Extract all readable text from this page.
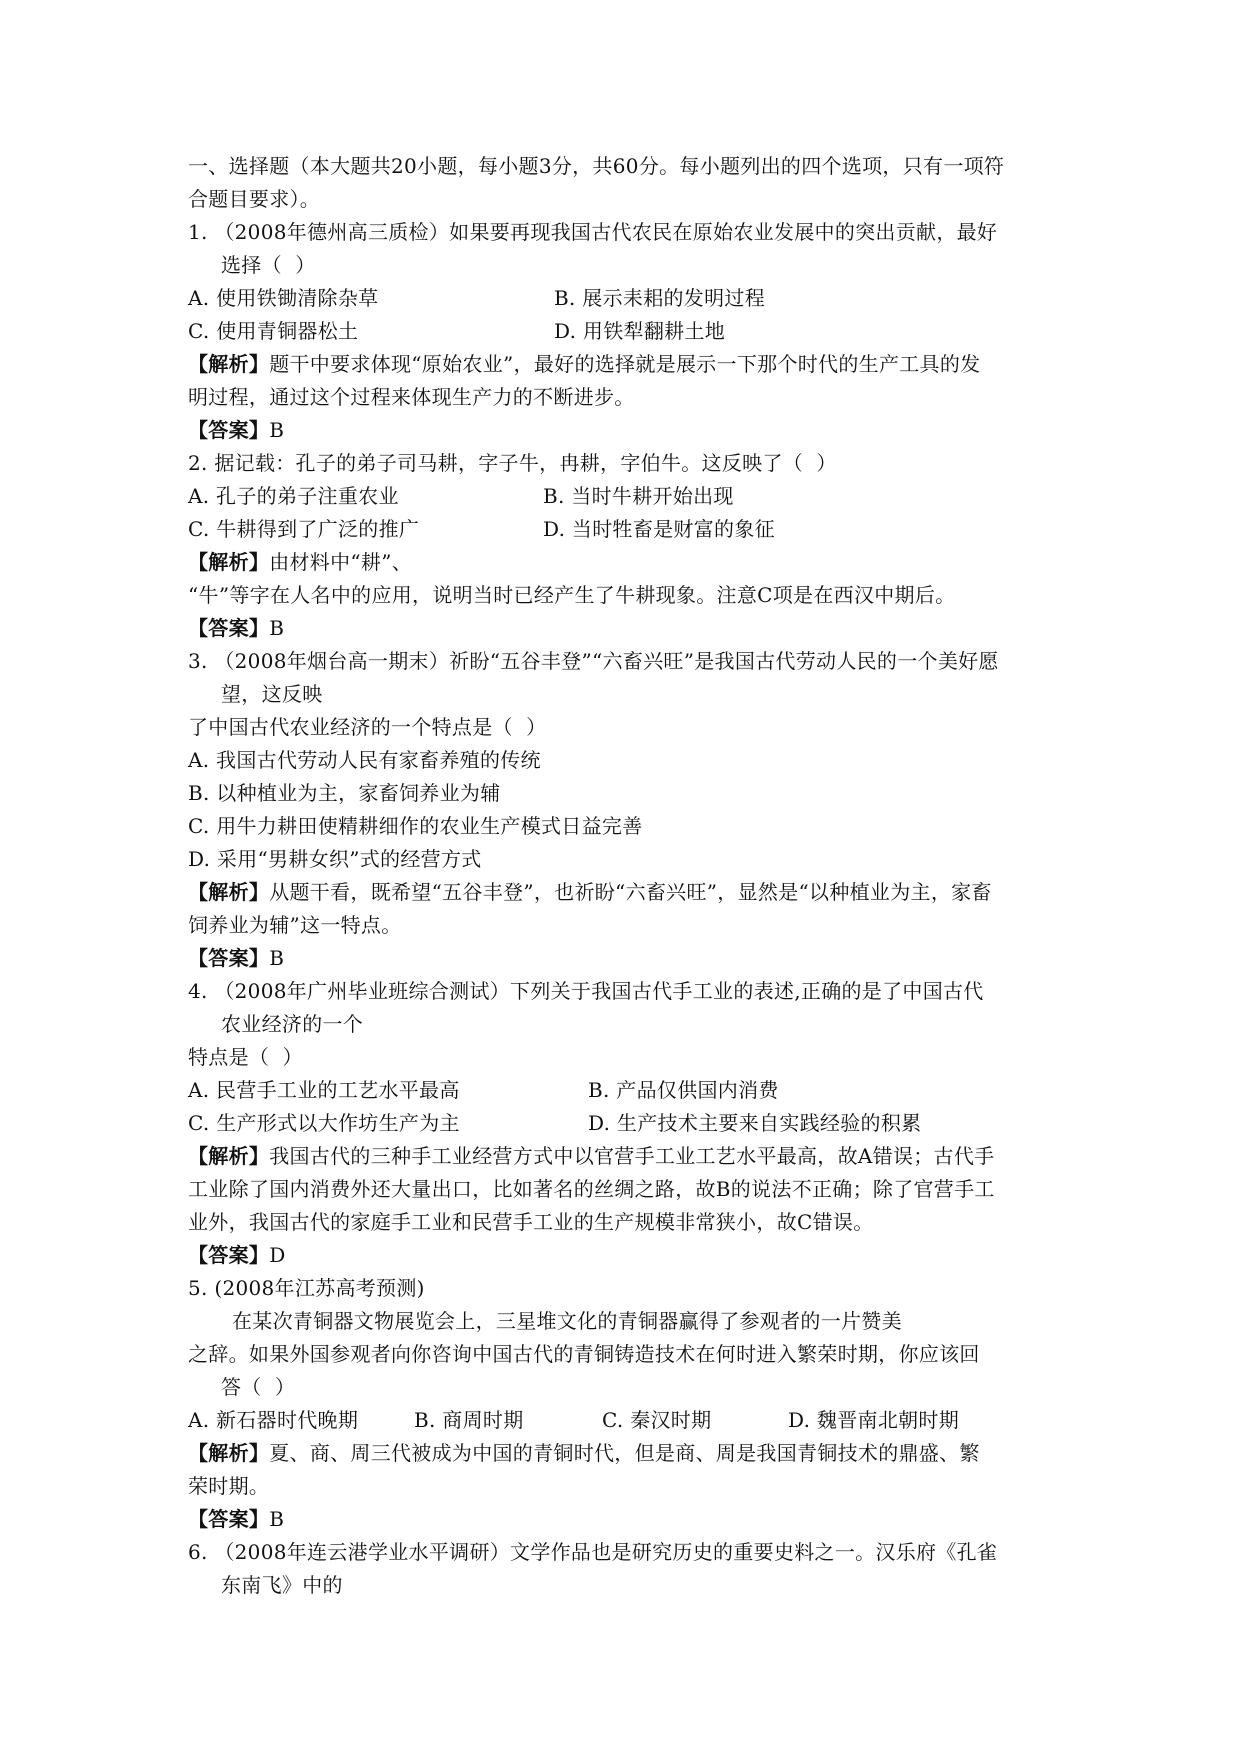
一、选择题（本大题共20小题，每小题3分，共60分。每小题列出的四个选项，只有一项符
合题目要求）。
1. （2008年德州高三质检）如果要再现我国古代农民在原始农业发展中的突出贡献，最好
选择（  ）
A. 使用铁锄清除杂草	B. 展示耒耜的发明过程
C. 使用青铜器松土	D. 用铁犁翻耕土地
【解析】题干中要求体现“原始农业”，最好的选择就是展示一下那个时代的生产工具的发
明过程，通过这个过程来体现生产力的不断进步。
【答案】B
2. 据记载：孔子的弟子司马耕，字子牛，冉耕，字伯牛。这反映了（  ）
A. 孔子的弟子注重农业	B. 当时牛耕开始出现
C. 牛耕得到了广泛的推广	D. 当时牲畜是财富的象征
【解析】由材料中“耕”、
“牛”等字在人名中的应用，说明当时已经产生了牛耕现象。注意C项是在西汉中期后。
【答案】B
3. （2008年烟台高一期末）祈盼“五谷丰登”“六畜兴旺”是我国古代劳动人民的一个美好愿
望，这反映
了中国古代农业经济的一个特点是（  ）
A. 我国古代劳动人民有家畜养殖的传统
B. 以种植业为主，家畜饲养业为辅
C. 用牛力耕田使精耕细作的农业生产模式日益完善
D. 采用“男耕女织”式的经营方式
【解析】从题干看，既希望“五谷丰登”，也祈盼“六畜兴旺”，显然是“以种植业为主，家畜
饲养业为辅”这一特点。
【答案】B
4. （2008年广州毕业班综合测试）下列关于我国古代手工业的表述,正确的是了中国古代
农业经济的一个
特点是（  ）
A. 民营手工业的工艺水平最高	B. 产品仅供国内消费
C. 生产形式以大作坊生产为主	D. 生产技术主要来自实践经验的积累
【解析】我国古代的三种手工业经营方式中以官营手工业工艺水平最高，故A错误；古代手
工业除了国内消费外还大量出口，比如著名的丝绸之路，故B的说法不正确；除了官营手工
业外，我国古代的家庭手工业和民营手工业的生产规模非常狭小，故C错误。
【答案】D
5. (2008年江苏高考预测)
在某次青铜器文物展览会上，三星堆文化的青铜器赢得了参观者的一片赞美
之辞。如果外国参观者向你咨询中国古代的青铜铸造技术在何时进入繁荣时期，你应该回
答（  ）
A. 新石器时代晚期	B. 商周时期	C. 秦汉时期	D. 魏晋南北朝时期
【解析】夏、商、周三代被成为中国的青铜时代，但是商、周是我国青铜技术的鼎盛、繁
荣时期。
【答案】B
6. （2008年连云港学业水平调研）文学作品也是研究历史的重要史料之一。汉乐府《孔雀
东南飞》中的
